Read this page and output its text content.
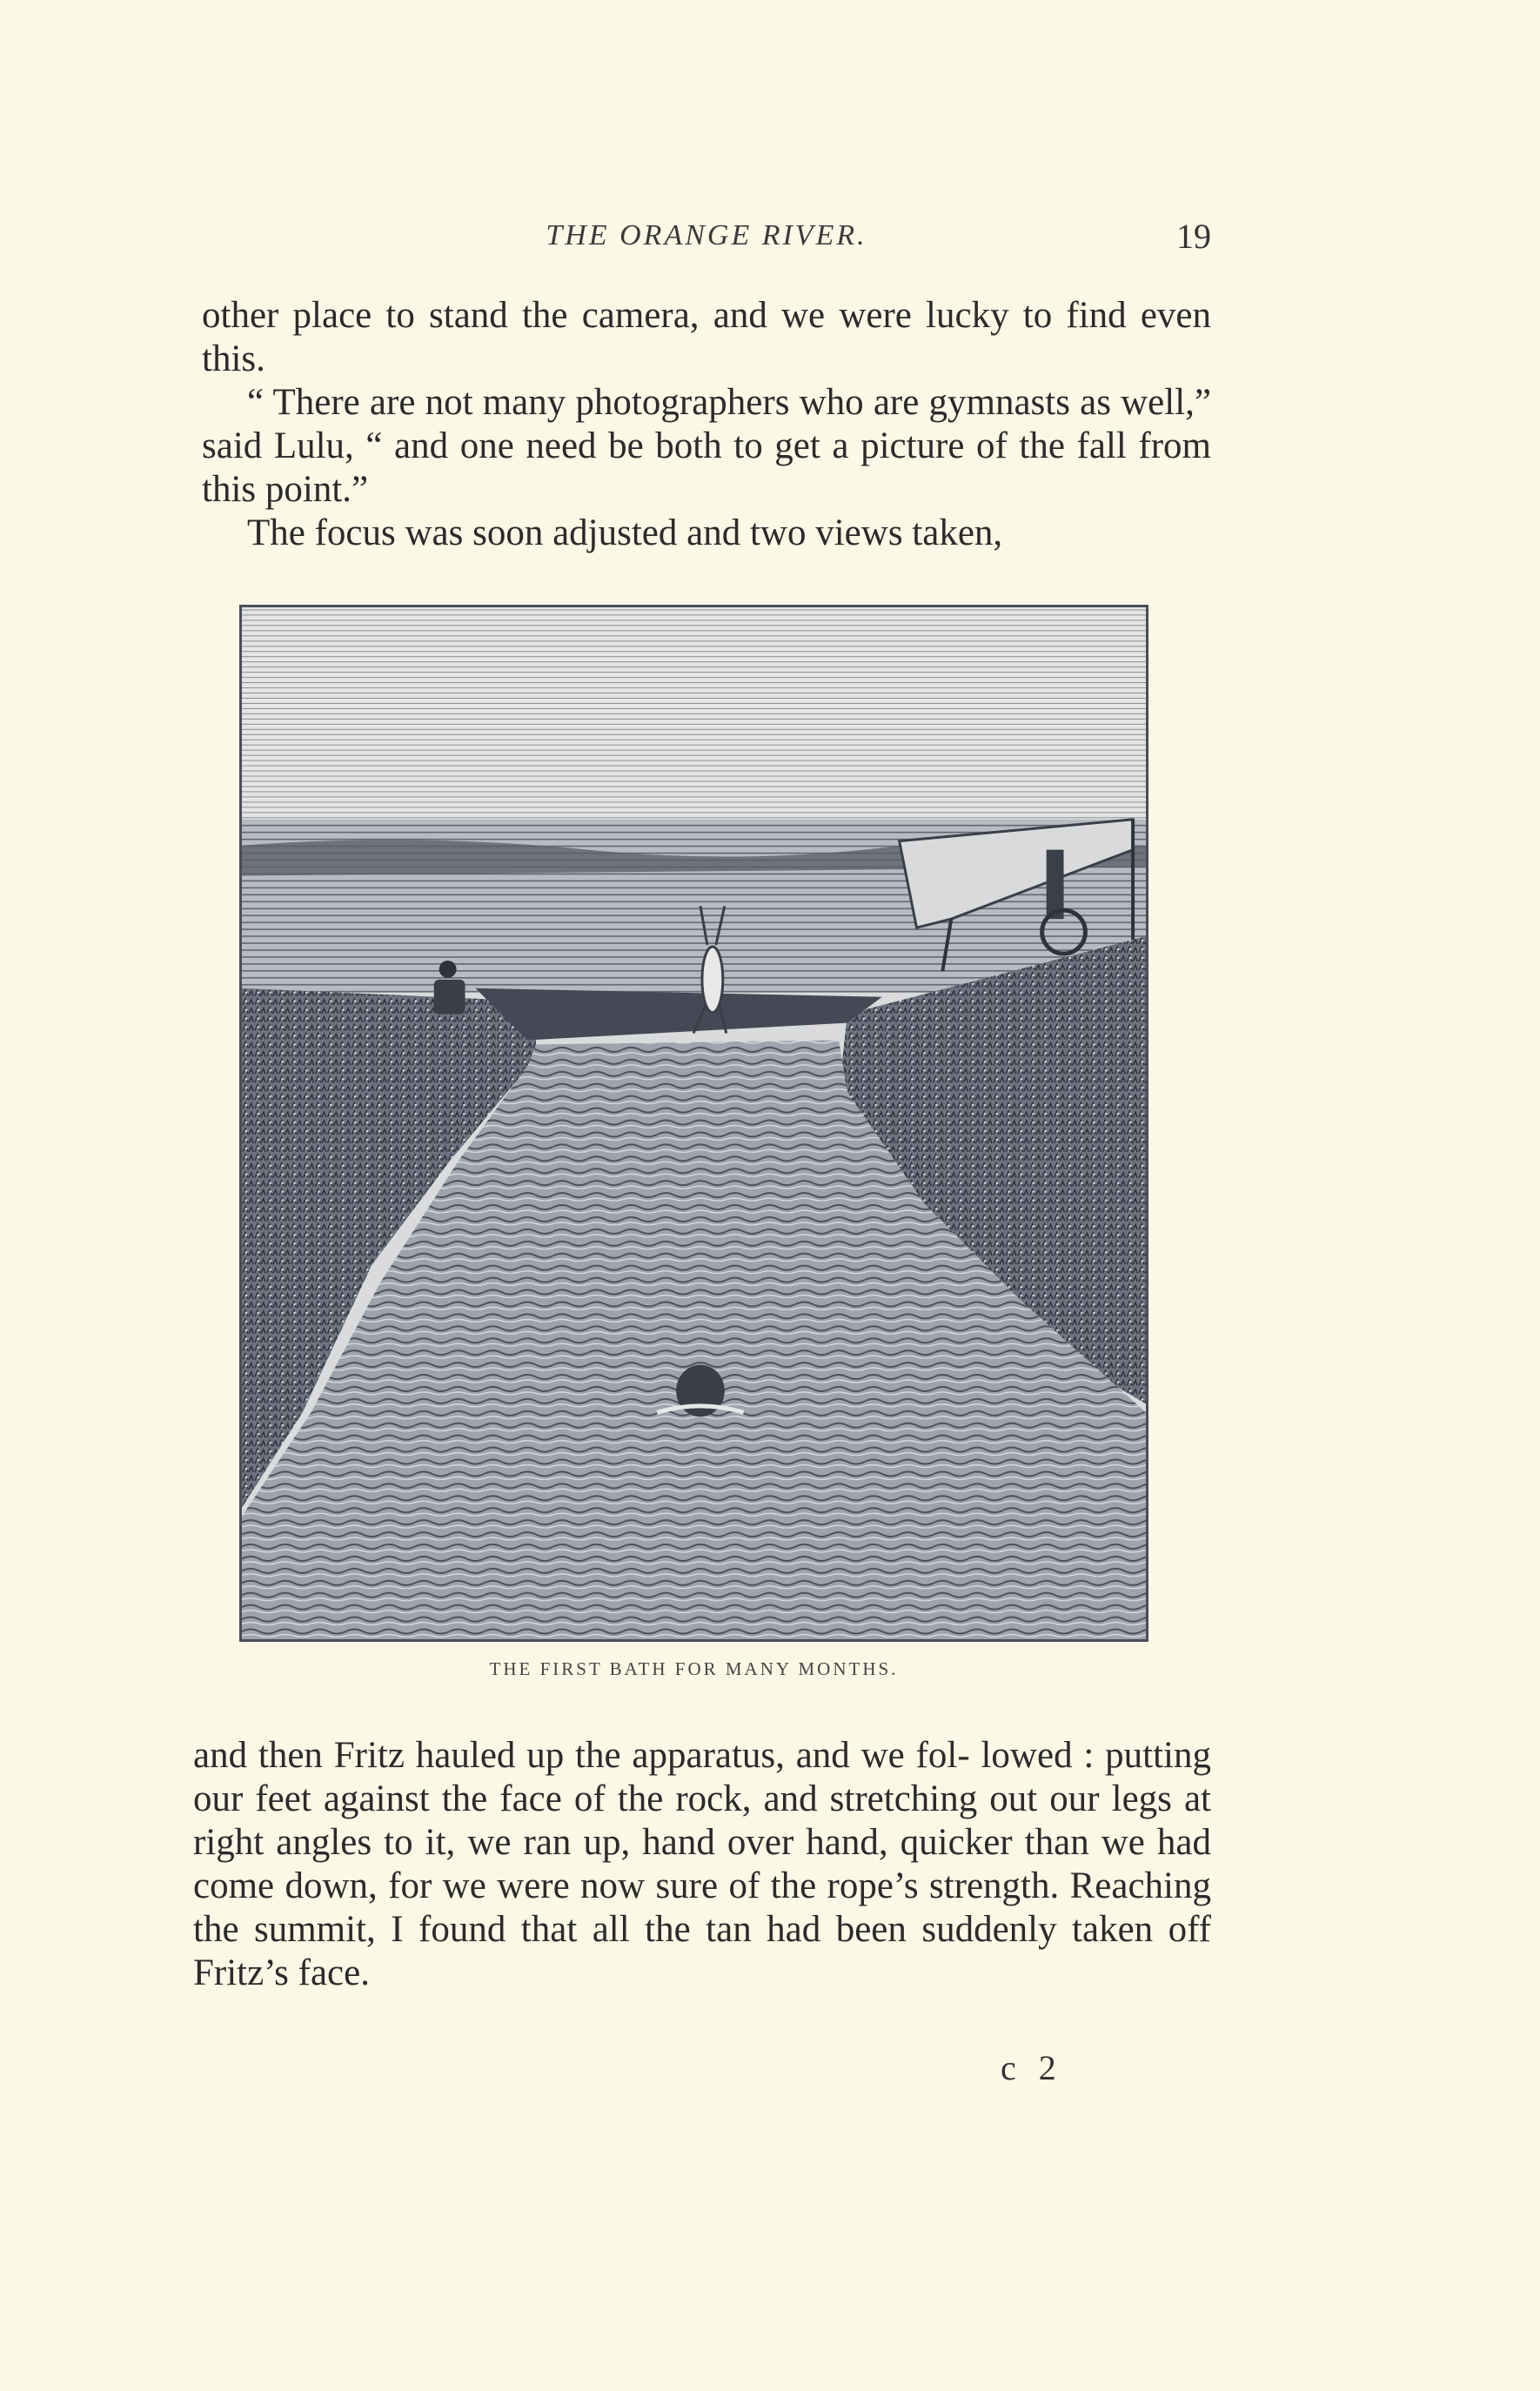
THE ORANGE RIVER.	19

other place to stand the camera, and we were lucky to find even this.

“ There are not many photographers who are gymnasts as well,” said Lulu, “ and one need be both to get a picture of the fall from this point.”

The focus was soon adjusted and two views taken,

THE FIRST BATH FOR MANY MONTHS.

and then Fritz hauled up the apparatus, and we fol- lowed : putting our feet against the face of the rock, and stretching out our legs at right angles to it, we ran up, hand over hand, quicker than we had come down, for we were now sure of the rope’s strength. Reaching the summit, I found that all the tan had been suddenly taken off Fritz’s face.

c 2
